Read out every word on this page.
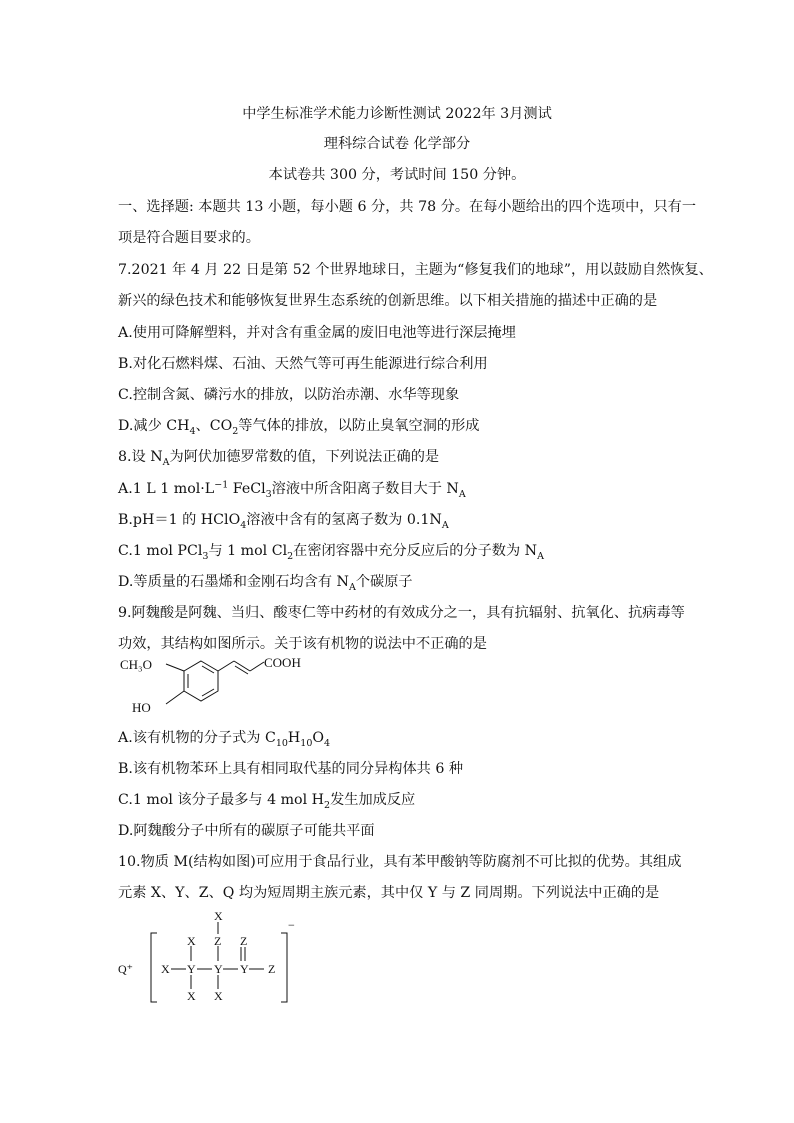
中学生标准学术能力诊断性测试 2022年 3月测试
理科综合试卷 化学部分
本试卷共 300 分，考试时间 150 分钟。
一、选择题: 本题共 13 小题，每小题 6 分，共 78 分。在每小题给出的四个选项中，只有一
项是符合题目要求的。
7.2021 年 4 月 22 日是第 52 个世界地球日，主题为“修复我们的地球”，用以鼓励自然恢复、
新兴的绿色技术和能够恢复世界生态系统的创新思维。以下相关措施的描述中正确的是
A.使用可降解塑料，并对含有重金属的废旧电池等进行深层掩埋
B.对化石燃料煤、石油、天然气等可再生能源进行综合利用
C.控制含氮、磷污水的排放，以防治赤潮、水华等现象
D.减少 $CH_4$、$CO_2$等气体的排放，以防止臭氧空洞的形成
8.设 $N_A$为阿伏加德罗常数的值，下列说法正确的是
A.1 L 1 $mol\cdot L^{-1}$ FeCl$_3$溶液中所含阳离子数目大于 $N_A$
B.pH＝1 的 HClO$_4$溶液中含有的氢离子数为 $0.1N_A$
C.1 mol PCl$_3$与 1 mol $Cl_2$在密闭容器中充分反应后的分子数为 $N_A$
D.等质量的石墨烯和金刚石均含有 $N_A$个碳原子
9.阿魏酸是阿魏、当归、酸枣仁等中药材的有效成分之一，具有抗辐射、抗氧化、抗病毒等
功效，其结构如图所示。关于该有机物的说法中不正确的是
CH₃O	COOH
HO
A.该有机物的分子式为 $C_{10}H_{10}O_4$
B.该有机物苯环上具有相同取代基的同分异构体共 6 种
C.1 mol 该分子最多与 4 mol $H_2$发生加成反应
D.阿魏酸分子中所有的碳原子可能共平面
10.物质 M(结构如图)可应用于食品行业，具有苯甲酸钠等防腐剂不可比拟的优势。其组成
元素 X、Y、Z、Q 均为短周期主族元素，其中仅 Y 与 Z 同周期。下列说法中正确的是
Q⁺
X
Z
X	Z
X Y Y Y Z
X X
−
